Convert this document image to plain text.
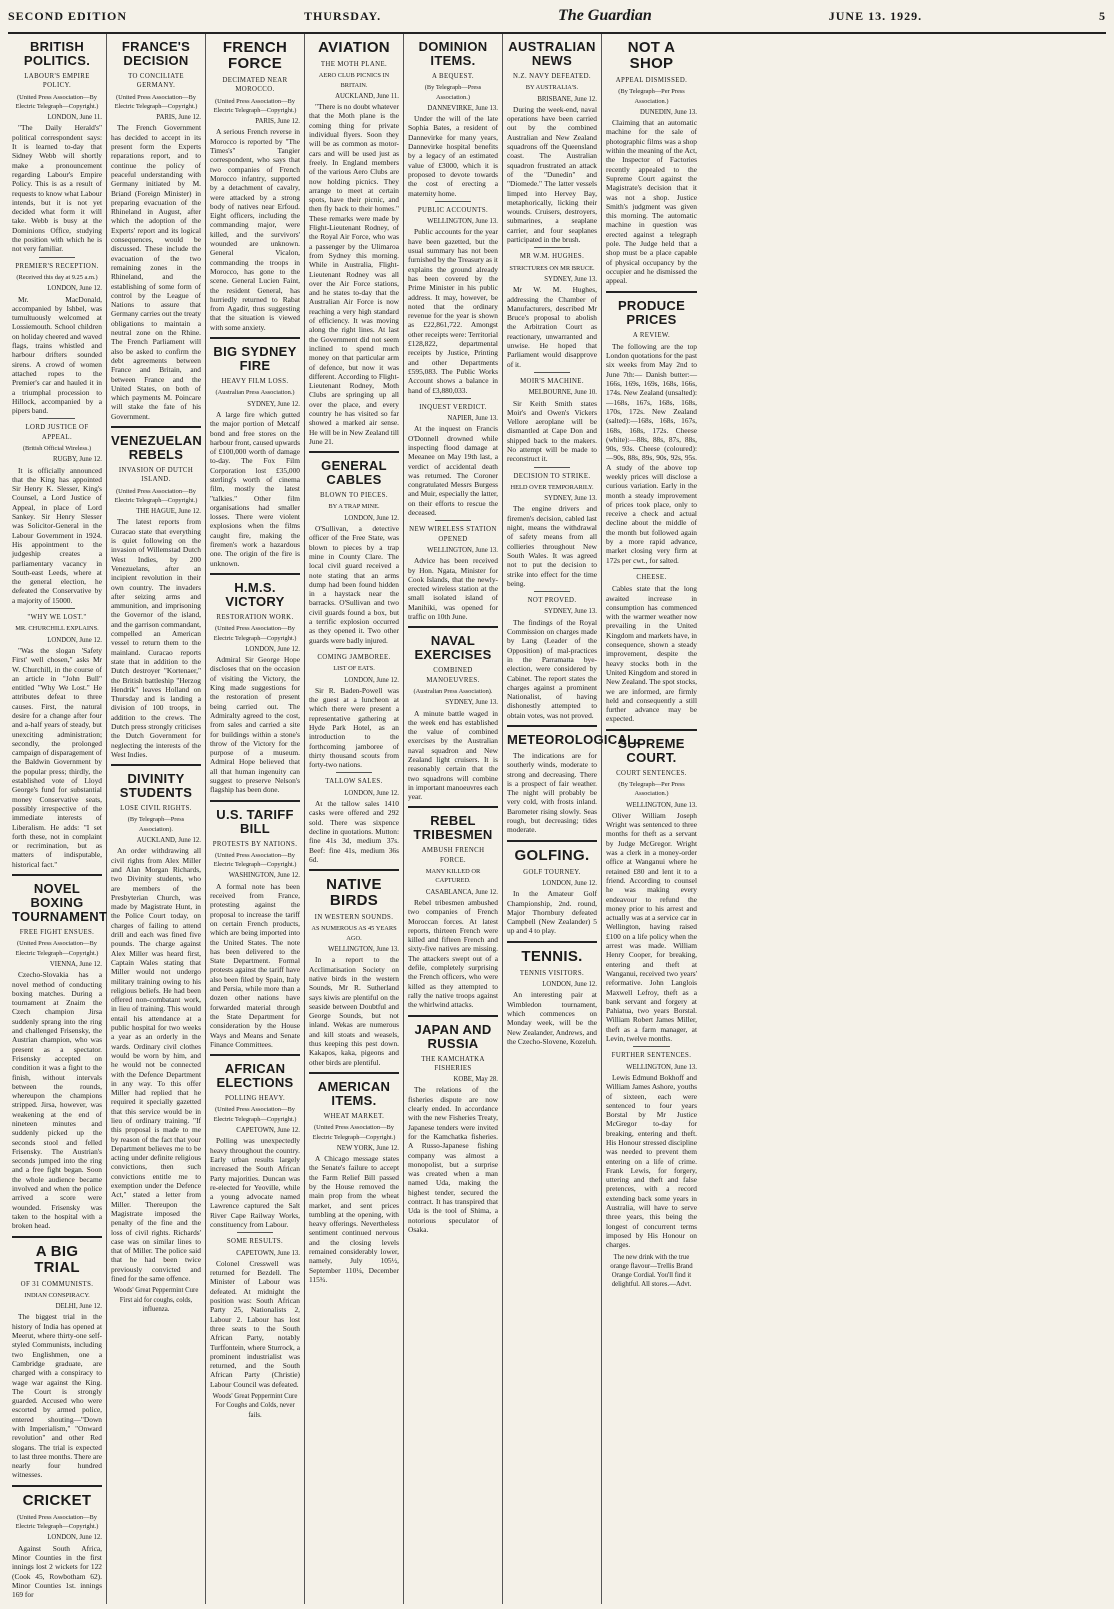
SECOND EDITION	THURSDAY.	The Guardian	JUNE 13. 1929.	5
BRITISH POLITICS.
LABOUR'S EMPIRE POLICY.
(United Press Association—By Electric Telegraph—Copyright.)
LONDON, June 11.

"The Daily Herald's" political correspondent says: It is learned to-day that Sidney Webb will shortly make a pronouncement regarding Labour's Empire Policy. This is as a result of requests to know what Labour intends, but it is not yet decided what form it will take. Webb is busy at the Dominions Office, studying the position with which he is not very familiar.

PREMIER'S RECEPTION.
(Received this day at 9.25 a.m.)
LONDON, June 12.

Mr. MacDonald, accompanied by Ishbel, was tumultuously welcomed at Lossiemouth. School children on holiday cheered and waved flags, trains whistled and harbour drifters sounded sirens. A crowd of women attached ropes to the Premier's car and hauled it in a triumphal procession to Hillock, accompanied by a pipers band.

LORD JUSTICE OF APPEAL.
(British Official Wireless.)
RUGBY, June 12.

It is officially announced that the King has appointed Sir Henry K. Slesser, King's Counsel, a Lord Justice of Appeal, in place of Lord Sankey. Sir Henry Slesser was Solicitor-General in the Labour Government in 1924. His appointment to the judgeship creates a parliamentary vacancy in South-east Leeds, where at the general election, he defeated the Conservative by a majority of 15000.

"WHY WE LOST."
MR. CHURCHILL EXPLAINS.
LONDON, June 12.

"Was the slogan 'Safety First' well chosen," asks Mr W. Churchill, in the course of an article in "John Bull" entitled "Why We Lost." He attributes defeat to three causes. First, the natural desire for a change after four and a-half years of steady, but unexciting administration; secondly, the prolonged campaign of disparagement of the Baldwin Government by the popular press; thirdly, the established vote of Lloyd George's fund for substantial money Conservative seats, possibly irrespective of the immediate interests of Liberalism. He adds: "I set forth these, not in complaint or recrimination, but as matters of indisputable, historical fact."

NOVEL BOXING TOURNAMENT
FREE FIGHT ENSUES.
(United Press Association—By Electric Telegraph—Copyright.)
VIENNA, June 12.

Czecho-Slovakia has a novel method of conducting boxing matches. During a tournament at Znaim the Czech champion Jirsa suddenly sprang into the ring and challenged Frisensky, the Austrian champion, who was present as a spectator. Frisensky accepted on condition it was a fight to the finish, without intervals between the rounds, whereupon the champions stripped. Jirsa, however, was weakening at the end of nineteen minutes and suddenly picked up the seconds stool and felled Frisensky. The Austrian's seconds jumped into the ring and a free fight began. Soon the whole audience became involved and when the police arrived a score were wounded. Frisensky was taken to the hospital with a broken head.

A BIG TRIAL
OF 31 COMMUNISTS.
INDIAN CONSPIRACY.
DELHI, June 12.

The biggest trial in the history of India has opened at Meerut, where thirty-one self-styled Communists, including two Englishmen, one a Cambridge graduate, are charged with a conspiracy to wage war against the King. The Court is strongly guarded. Accused who were escorted by armed police, entered shouting—"Down with Imperialism," "Onward revolution" and other Red slogans. The trial is expected to last three months. There are nearly four hundred witnesses.

CRICKET
(United Press Association—By Electric Telegraph—Copyright.)
LONDON, June 12.

Against South Africa, Minor Counties in the first innings lost 2 wickets for 122 (Cook 45, Rowbotham 62). Minor Counties 1st. innings 169 for

FRANCE'S DECISION
TO CONCILIATE GERMANY.
(United Press Association—By Electric Telegraph—Copyright.)
PARIS, June 12.

The French Government has decided to accept in its present form the Experts reparations report, and to continue the policy of peaceful understanding with Germany initiated by M. Briand (Foreign Minister) in preparing evacuation of the Rhineland in August, after which the adoption of the Experts' report and its logical consequences, would be discussed. These include the evacuation of the two remaining zones in the Rhineland, and the establishing of some form of control by the League of Nations to assure that Germany carries out the treaty obligations to maintain a neutral zone on the Rhine. The French Parliament will also be asked to confirm the debt agreements between France and Britain, and between France and the United States, on both of which payments M. Poincare will stake the fate of his Government.

VENEZUELAN REBELS
INVASION OF DUTCH ISLAND.
(United Press Association—By Electric Telegraph—Copyright.)
THE HAGUE, June 12.

The latest reports from Curacao state that everything is quiet following on the invasion of Willemstad Dutch West Indies, by 200 Venezuelans, after an incipient revolution in their own country. The invaders after seizing arms and ammunition, and imprisoning the Governor of the island, and the garrison commandant, compelled an American vessel to return them to the mainland. Curacao reports state that in addition to the Dutch destroyer "Kortenaer," the British battleship "Herzog Hendrik" leaves Holland on Thursday and is landing a division of 100 troops, in addition to the crews. The Dutch press strongly criticises the Dutch Government for neglecting the interests of the West Indies.

DIVINITY STUDENTS
LOSE CIVIL RIGHTS.
(By Telegraph—Press Association).
AUCKLAND, June 12.

An order withdrawing all civil rights from Alex Miller and Alan Morgan Richards, two Divinity students, who are members of the Presbyterian Church, was made by Magistrate Hunt, in the Police Court today, on charges of failing to attend drill and each was fined five pounds. The charge against Alex Miller was heard first, Captain Wales stating that Miller would not undergo military training owing to his religious beliefs. He had been offered non-combatant work, in lieu of training. This would entail his attendance at a public hospital for two weeks a year as an orderly in the wards. Ordinary civil clothes would be worn by him, and he would not be connected with the Defence Department in any way. To this offer Miller had replied that he required it specially gazetted that this service would be in lieu of ordinary training. "If this proposal is made to me by reason of the fact that your Department believes me to be acting under definite religious convictions, then such convictions entitle me to exemption under the Defence Act," stated a letter from Miller. Thereupon the Magistrate imposed the penalty of the fine and the loss of civil rights. Richards' case was on similar lines to that of Miller. The police said that he had been twice previously convicted and fined for the same offence.

Woods' Great Peppermint Cure First aid for coughs, colds, influenza.
FRENCH FORCE
DECIMATED NEAR MOROCCO.
(United Press Association—By Electric Telegraph—Copyright.)
PARIS, June 12.

A serious French reverse in Morocco is reported by "The Times's" Tangier correspondent, who says that two companies of French Morocco infantry, supported by a detachment of cavalry, were attacked by a strong body of natives near Erfoud. Eight officers, including the commanding major, were killed, and the survivors' wounded are unknown. General Vicalon, commanding the troops in Morocco, has gone to the scene. General Lucien Faint, the resident General, has hurriedly returned to Rabat from Agadir, thus suggesting that the situation is viewed with some anxiety.

BIG SYDNEY FIRE
HEAVY FILM LOSS.
(Australian Press Association.)
SYDNEY, June 12.

A large fire which gutted the major portion of Metcalf bond and free stores on the harbour front, caused upwards of £100,000 worth of damage to-day. The Fox Film Corporation lost £35,000 sterling's worth of cinema film, mostly the latest "talkies." Other film organisations had smaller losses. There were violent explosions when the films caught fire, making the firemen's work a hazardous one. The origin of the fire is unknown.

H.M.S. VICTORY
RESTORATION WORK.
(United Press Association—By Electric Telegraph—Copyright.)
LONDON, June 12.

Admiral Sir George Hope discloses that on the occasion of visiting the Victory, the King made suggestions for the restoration of present being carried out. The Admiralty agreed to the cost, from sales and carried a site for buildings within a stone's throw of the Victory for the purpose of a museum. Admiral Hope believed that all that human ingenuity can suggest to preserve Nelson's flagship has been done.

U.S. TARIFF BILL
PROTESTS BY NATIONS.
(United Press Association—By Electric Telegraph—Copyright.)
WASHINGTON, June 12.

A formal note has been received from France, protesting against the proposal to increase the tariff on certain French products, which are being imported into the United States. The note has been delivered to the State Department. Formal protests against the tariff have also been filed by Spain, Italy and Persia, while more than a dozen other nations have forwarded material through the State Department for consideration by the House Ways and Means and Senate Finance Committees.

AFRICAN ELECTIONS
POLLING HEAVY.
(United Press Association—By Electric Telegraph—Copyright.)
CAPETOWN, June 12.

Polling was unexpectedly heavy throughout the country. Early urban results largely increased the South African Party majorities. Duncan was re-elected for Yeoville, while a young advocate named Lawrence captured the Salt River Cape Railway Works, constituency from Labour.

SOME RESULTS.
CAPETOWN, June 13.

Colonel Cresswell was returned for Bezdell. The Minister of Labour was defeated. At midnight the position was: South African Party 25, Nationalists 2, Labour 2. Labour has lost three seats to the South African Party, notably Turffontein, where Sturrock, a prominent industrialist was returned, and the South African Party (Christie) Labour Council was defeated.

Woods' Great Peppermint Cure For Coughs and Colds, never fails.
AVIATION
THE MOTH PLANE.
AERO CLUB PICNICS IN BRITAIN.
AUCKLAND, June 11.

"There is no doubt whatever that the Moth plane is the coming thing for private individual flyers. Soon they will be as common as motor-cars and will be used just as freely. In England members of the various Aero Clubs are now holding picnics. They arrange to meet at certain spots, have their picnic, and then fly back to their homes." These remarks were made by Flight-Lieutenant Rodney, of the Royal Air Force, who was a passenger by the Ulimaroa from Sydney this morning. While in Australia, Flight-Lieutenant Rodney was all over the Air Force stations, and he states to-day that the Australian Air Force is now reaching a very high standard of efficiency. It was moving along the right lines. At last the Government did not seem inclined to spend much money on that particular arm of defence, but now it was different. According to Flight-Lieutenant Rodney, Moth Clubs are springing up all over the place, and every country he has visited so far showed a marked air sense. He will be in New Zealand till June 21.

GENERAL CABLES
BLOWN TO PIECES.
BY A TRAP MINE.
LONDON, June 12.

O'Sullivan, a detective officer of the Free State, was blown to pieces by a trap mine in County Clare. The local civil guard received a note stating that an arms dump had been found hidden in a haystack near the barracks. O'Sullivan and two civil guards found a box, but a terrific explosion occurred as they opened it. Two other guards were badly injured.

COMING JAMBOREE.
LIST OF EATS.
LONDON, June 12.

Sir R. Baden-Powell was the guest at a luncheon at which there were present a representative gathering at Hyde Park Hotel, as an introduction to the forthcoming jamboree of thirty thousand scouts from forty-two nations.

TALLOW SALES.
LONDON, June 12.

At the tallow sales 1410 casks were offered and 292 sold. There was sixpence decline in quotations. Mutton: fine 41s 3d, medium 37s. Beef: fine 41s, medium 36s 6d.

NATIVE BIRDS
IN WESTERN SOUNDS.
AS NUMEROUS AS 45 YEARS AGO.
WELLINGTON, June 13.

In a report to the Acclimatisation Society on native birds in the western Sounds, Mr R. Sutherland says kiwis are plentiful on the seaside between Doubtful and George Sounds, but not inland. Wekas are numerous and kill stoats and weasels, thus keeping this pest down. Kakapos, kaka, pigeons and other birds are plentiful.

AMERICAN ITEMS.
WHEAT MARKET.
(United Press Association—By Electric Telegraph—Copyright.)
NEW YORK, June 12.

A Chicago message states the Senate's failure to accept the Farm Relief Bill passed by the House removed the main prop from the wheat market, and sent prices tumbling at the opening, with heavy offerings. Nevertheless sentiment continued nervous and the closing levels remained considerably lower, namely, July 105½, September 110¼, December 115¾.

DOMINION ITEMS.
A BEQUEST.
(By Telegraph—Press Association.)
DANNEVIRKE, June 13.

Under the will of the late Sophia Bates, a resident of Dannevirke for many years, Dannevirke hospital benefits by a legacy of an estimated value of £3000, which it is proposed to devote towards the cost of erecting a maternity home.

PUBLIC ACCOUNTS.
WELLINGTON, June 13.

Public accounts for the year have been gazetted, but the usual summary has not been furnished by the Treasury as it explains the ground already has been covered by the Prime Minister in his public address. It may, however, be noted that the ordinary revenue for the year is shown as £22,861,722. Amongst other receipts were: Territorial £128,822, departmental receipts by Justice, Printing and other Departments £595,083. The Public Works Account shows a balance in hand of £3,880,033.

INQUEST VERDICT.
NAPIER, June 13.

At the inquest on Francis O'Donnell drowned while inspecting flood damage at Meeanee on May 19th last, a verdict of accidental death was returned. The Coroner congratulated Messrs Burgess and Muir, especially the latter, on their efforts to rescue the deceased.

NEW WIRELESS STATION OPENED
WELLINGTON, June 13.

Advice has been received by Hon. Ngata, Minister for Cook Islands, that the newly-erected wireless station at the small isolated island of Manihiki, was opened for traffic on 10th June.

NAVAL EXERCISES
COMBINED MANOEUVRES.
(Australian Press Association).
SYDNEY, June 13.

A minute battle waged in the week end has established the value of combined exercises by the Australian naval squadron and New Zealand light cruisers. It is reasonably certain that the two squadrons will combine in important manoeuvres each year.

REBEL TRIBESMEN
AMBUSH FRENCH FORCE.
MANY KILLED OR CAPTURED.
CASABLANCA, June 12.

Rebel tribesmen ambushed two companies of French Moroccan forces. At latest reports, thirteen French were killed and fifteen French and sixty-five natives are missing. The attackers swept out of a defile, completely surprising the French officers, who were killed as they attempted to rally the native troops against the whirlwind attacks.

JAPAN AND RUSSIA
THE KAMCHATKA FISHERIES
KOBE, May 28.

The relations of the fisheries dispute are now clearly ended. In accordance with the new Fisheries Treaty, Japanese tenders were invited for the Kamchatka fisheries. A Russo-Japanese fishing company was almost a monopolist, but a surprise was created when a man named Uda, making the highest tender, secured the contract. It has transpired that Uda is the tool of Shima, a notorious speculator of Osaka.

AUSTRALIAN NEWS
N.Z. NAVY DEFEATED.
BY AUSTRALIA'S.
BRISBANE, June 12.

During the week-end, naval operations have been carried out by the combined Australian and New Zealand squadrons off the Queensland coast. The Australian squadron frustrated an attack of the "Dunedin" and "Diomede." The latter vessels limped into Hervey Bay, metaphorically, licking their wounds. Cruisers, destroyers, submarines, a seaplane carrier, and four seaplanes participated in the brush.

MR W.M. HUGHES.
STRICTURES ON MR BRUCE.
SYDNEY, June 13.

Mr W. M. Hughes, addressing the Chamber of Manufacturers, described Mr Bruce's proposal to abolish the Arbitration Court as reactionary, unwarranted and unwise. He hoped that Parliament would disapprove of it.

MOIR'S MACHINE.
MELBOURNE, June 10.

Sir Keith Smith states Moir's and Owen's Vickers Vellore aeroplane will be dismantled at Cape Don and shipped back to the makers. No attempt will be made to reconstruct it.

DECISION TO STRIKE.
HELD OVER TEMPORARILY.
SYDNEY, June 13.

The engine drivers and firemen's decision, cabled last night, means the withdrawal of safety means from all collieries throughout New South Wales. It was agreed not to put the decision to strike into effect for the time being.

NOT PROVED.
SYDNEY, June 13.

The findings of the Royal Commission on charges made by Lang (Leader of the Opposition) of mal-practices in the Parramatta bye-election, were considered by Cabinet. The report states the charges against a prominent Nationalist, of having dishonestly attempted to obtain votes, was not proved.

METEOROLOGICAL.

The indications are for southerly winds, moderate to strong and decreasing. There is a prospect of fair weather. The night will probably be very cold, with frosts inland. Barometer rising slowly. Seas rough, but decreasing; tides moderate.

GOLFING.
GOLF TOURNEY.
LONDON, June 12.

In the Amateur Golf Championship, 2nd. round, Major Thornbury defeated Campbell (New Zealander) 5 up and 4 to play.

TENNIS.
TENNIS VISITORS.
LONDON, June 12.

An interesting pair at Wimbledon tournament, which commences on Monday week, will be the New Zealander, Andrews, and the Czecho-Slovene, Kozeluh.

NOT A SHOP
APPEAL DISMISSED.
(By Telegraph—Per Press Association.)
DUNEDIN, June 13.

Claiming that an automatic machine for the sale of photographic films was a shop within the meaning of the Act, the Inspector of Factories recently appealed to the Supreme Court against the Magistrate's decision that it was not a shop. Justice Smith's judgment was given this morning. The automatic machine in question was erected against a telegraph pole. The Judge held that a shop must be a place capable of physical occupancy by the occupier and he dismissed the appeal.

PRODUCE PRICES
A REVIEW.

The following are the top London quotations for the past six weeks from May 2nd to June 7th:— Danish butter:—166s, 169s, 169s, 168s, 166s, 174s. New Zealand (unsalted):—168s, 167s, 168s, 168s, 170s, 172s. New Zealand (salted):—168s, 168s, 167s, 168s, 168s, 172s. Cheese (white):—88s, 88s, 87s, 88s, 90s, 93s. Cheese (coloured):—90s, 88s, 89s, 90s, 92s, 95s. A study of the above top weekly prices will disclose a curious variation. Early in the month a steady improvement of prices took place, only to receive a check and actual decline about the middle of the month but followed again by a more rapid advance, market closing very firm at 172s per cwt., for salted.

CHEESE.

Cables state that the long awaited increase in consumption has commenced with the warmer weather now prevailing in the United Kingdom and markets have, in consequence, shown a steady improvement, despite the heavy stocks both in the United Kingdom and stored in New Zealand. The spot stocks, we are informed, are firmly held and consequently a still further advance may be expected.

SUPREME COURT.
COURT SENTENCES.
(By Telegraph—Per Press Association.)
WELLINGTON, June 13.

Oliver William Joseph Wright was sentenced to three months for theft as a servant by Judge McGregor. Wright was a clerk in a money-order office at Wanganui where he retained £80 and lent it to a friend. According to counsel he was making every endeavour to refund the money prior to his arrest and actually was at a service car in Wellington, having raised £100 on a life policy when the arrest was made. William Henry Cooper, for breaking, entering and theft at Wanganui, received two years' reformative. John Langlois Maxwell Lefroy, theft as a bank servant and forgery at Pahiatua, two years Borstal. William Robert James Miller, theft as a farm manager, at Levin, twelve months.

FURTHER SENTENCES.
WELLINGTON, June 13.

Lewis Edmund Bokhoff and William James Ashore, youths of sixteen, each were sentenced to four years Borstal by Mr Justice McGregor to-day for breaking, entering and theft. His Honour stressed discipline was needed to prevent them entering on a life of crime. Frank Lewis, for forgery, uttering and theft and false pretences, with a record extending back some years in Australia, will have to serve three years, this being the longest of concurrent terms imposed by His Honour on charges.

The new drink with the true orange flavour—Trellis Brand Orange Cordial. You'll find it delightful. All stores.—Advt.
